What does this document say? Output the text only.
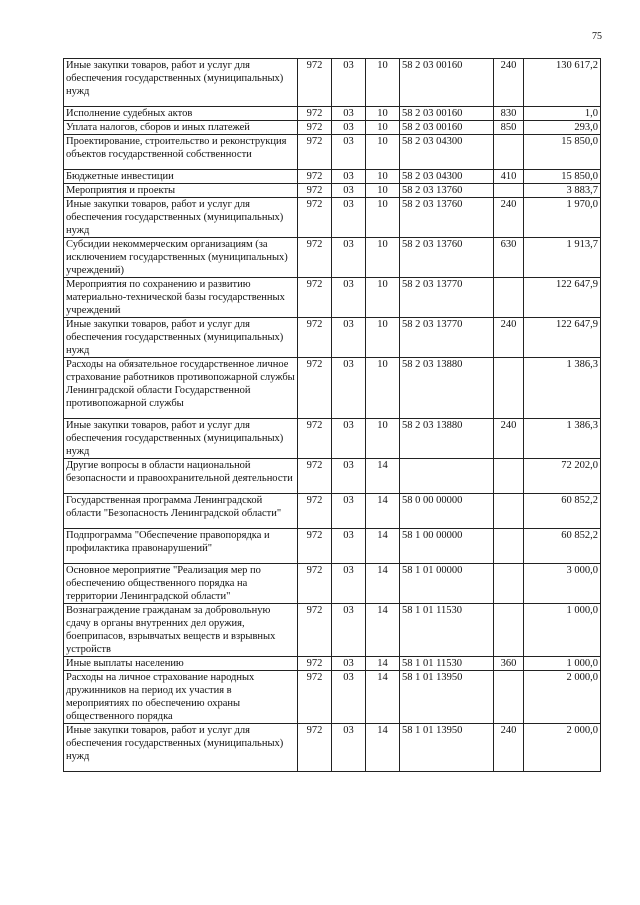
75
Иные закупки товаров, работ и услуг для обеспечения государственных (муниципальных) нужд	972	03	10	58 2 03 00160	240	130 617,2
Исполнение судебных актов	972	03	10	58 2 03 00160	830	1,0
Уплата налогов, сборов и иных платежей	972	03	10	58 2 03 00160	850	293,0
Проектирование, строительство и реконструкция объектов государственной собственности	972	03	10	58 2 03 04300		15 850,0
Бюджетные инвестиции	972	03	10	58 2 03 04300	410	15 850,0
Мероприятия и проекты	972	03	10	58 2 03 13760		3 883,7
Иные закупки товаров, работ и услуг для обеспечения государственных (муниципальных) нужд	972	03	10	58 2 03 13760	240	1 970,0
Субсидии некоммерческим организациям (за исключением государственных (муниципальных) учреждений)	972	03	10	58 2 03 13760	630	1 913,7
Мероприятия по сохранению и развитию материально-технической базы государственных учреждений	972	03	10	58 2 03 13770		122 647,9
Иные закупки товаров, работ и услуг для обеспечения государственных (муниципальных) нужд	972	03	10	58 2 03 13770	240	122 647,9
Расходы на обязательное государственное личное страхование работников противопожарной службы Ленинградской области Государственной противопожарной службы	972	03	10	58 2 03 13880		1 386,3
Иные закупки товаров, работ и услуг для обеспечения государственных (муниципальных) нужд	972	03	10	58 2 03 13880	240	1 386,3
Другие вопросы в области национальной безопасности и правоохранительной деятельности	972	03	14			72 202,0
Государственная программа Ленинградской области "Безопасность Ленинградской области"	972	03	14	58 0 00 00000		60 852,2
Подпрограмма "Обеспечение правопорядка и профилактика правонарушений"	972	03	14	58 1 00 00000		60 852,2
Основное мероприятие "Реализация мер по обеспечению общественного порядка на территории Ленинградской области"	972	03	14	58 1 01 00000		3 000,0
Вознаграждение гражданам за добровольную сдачу в органы внутренних дел оружия, боеприпасов, взрывчатых веществ и взрывных устройств	972	03	14	58 1 01 11530		1 000,0
Иные выплаты населению	972	03	14	58 1 01 11530	360	1 000,0
Расходы на личное страхование народных дружинников на период их участия в мероприятиях по обеспечению охраны общественного порядка	972	03	14	58 1 01 13950		2 000,0
Иные закупки товаров, работ и услуг для обеспечения государственных (муниципальных) нужд	972	03	14	58 1 01 13950	240	2 000,0
